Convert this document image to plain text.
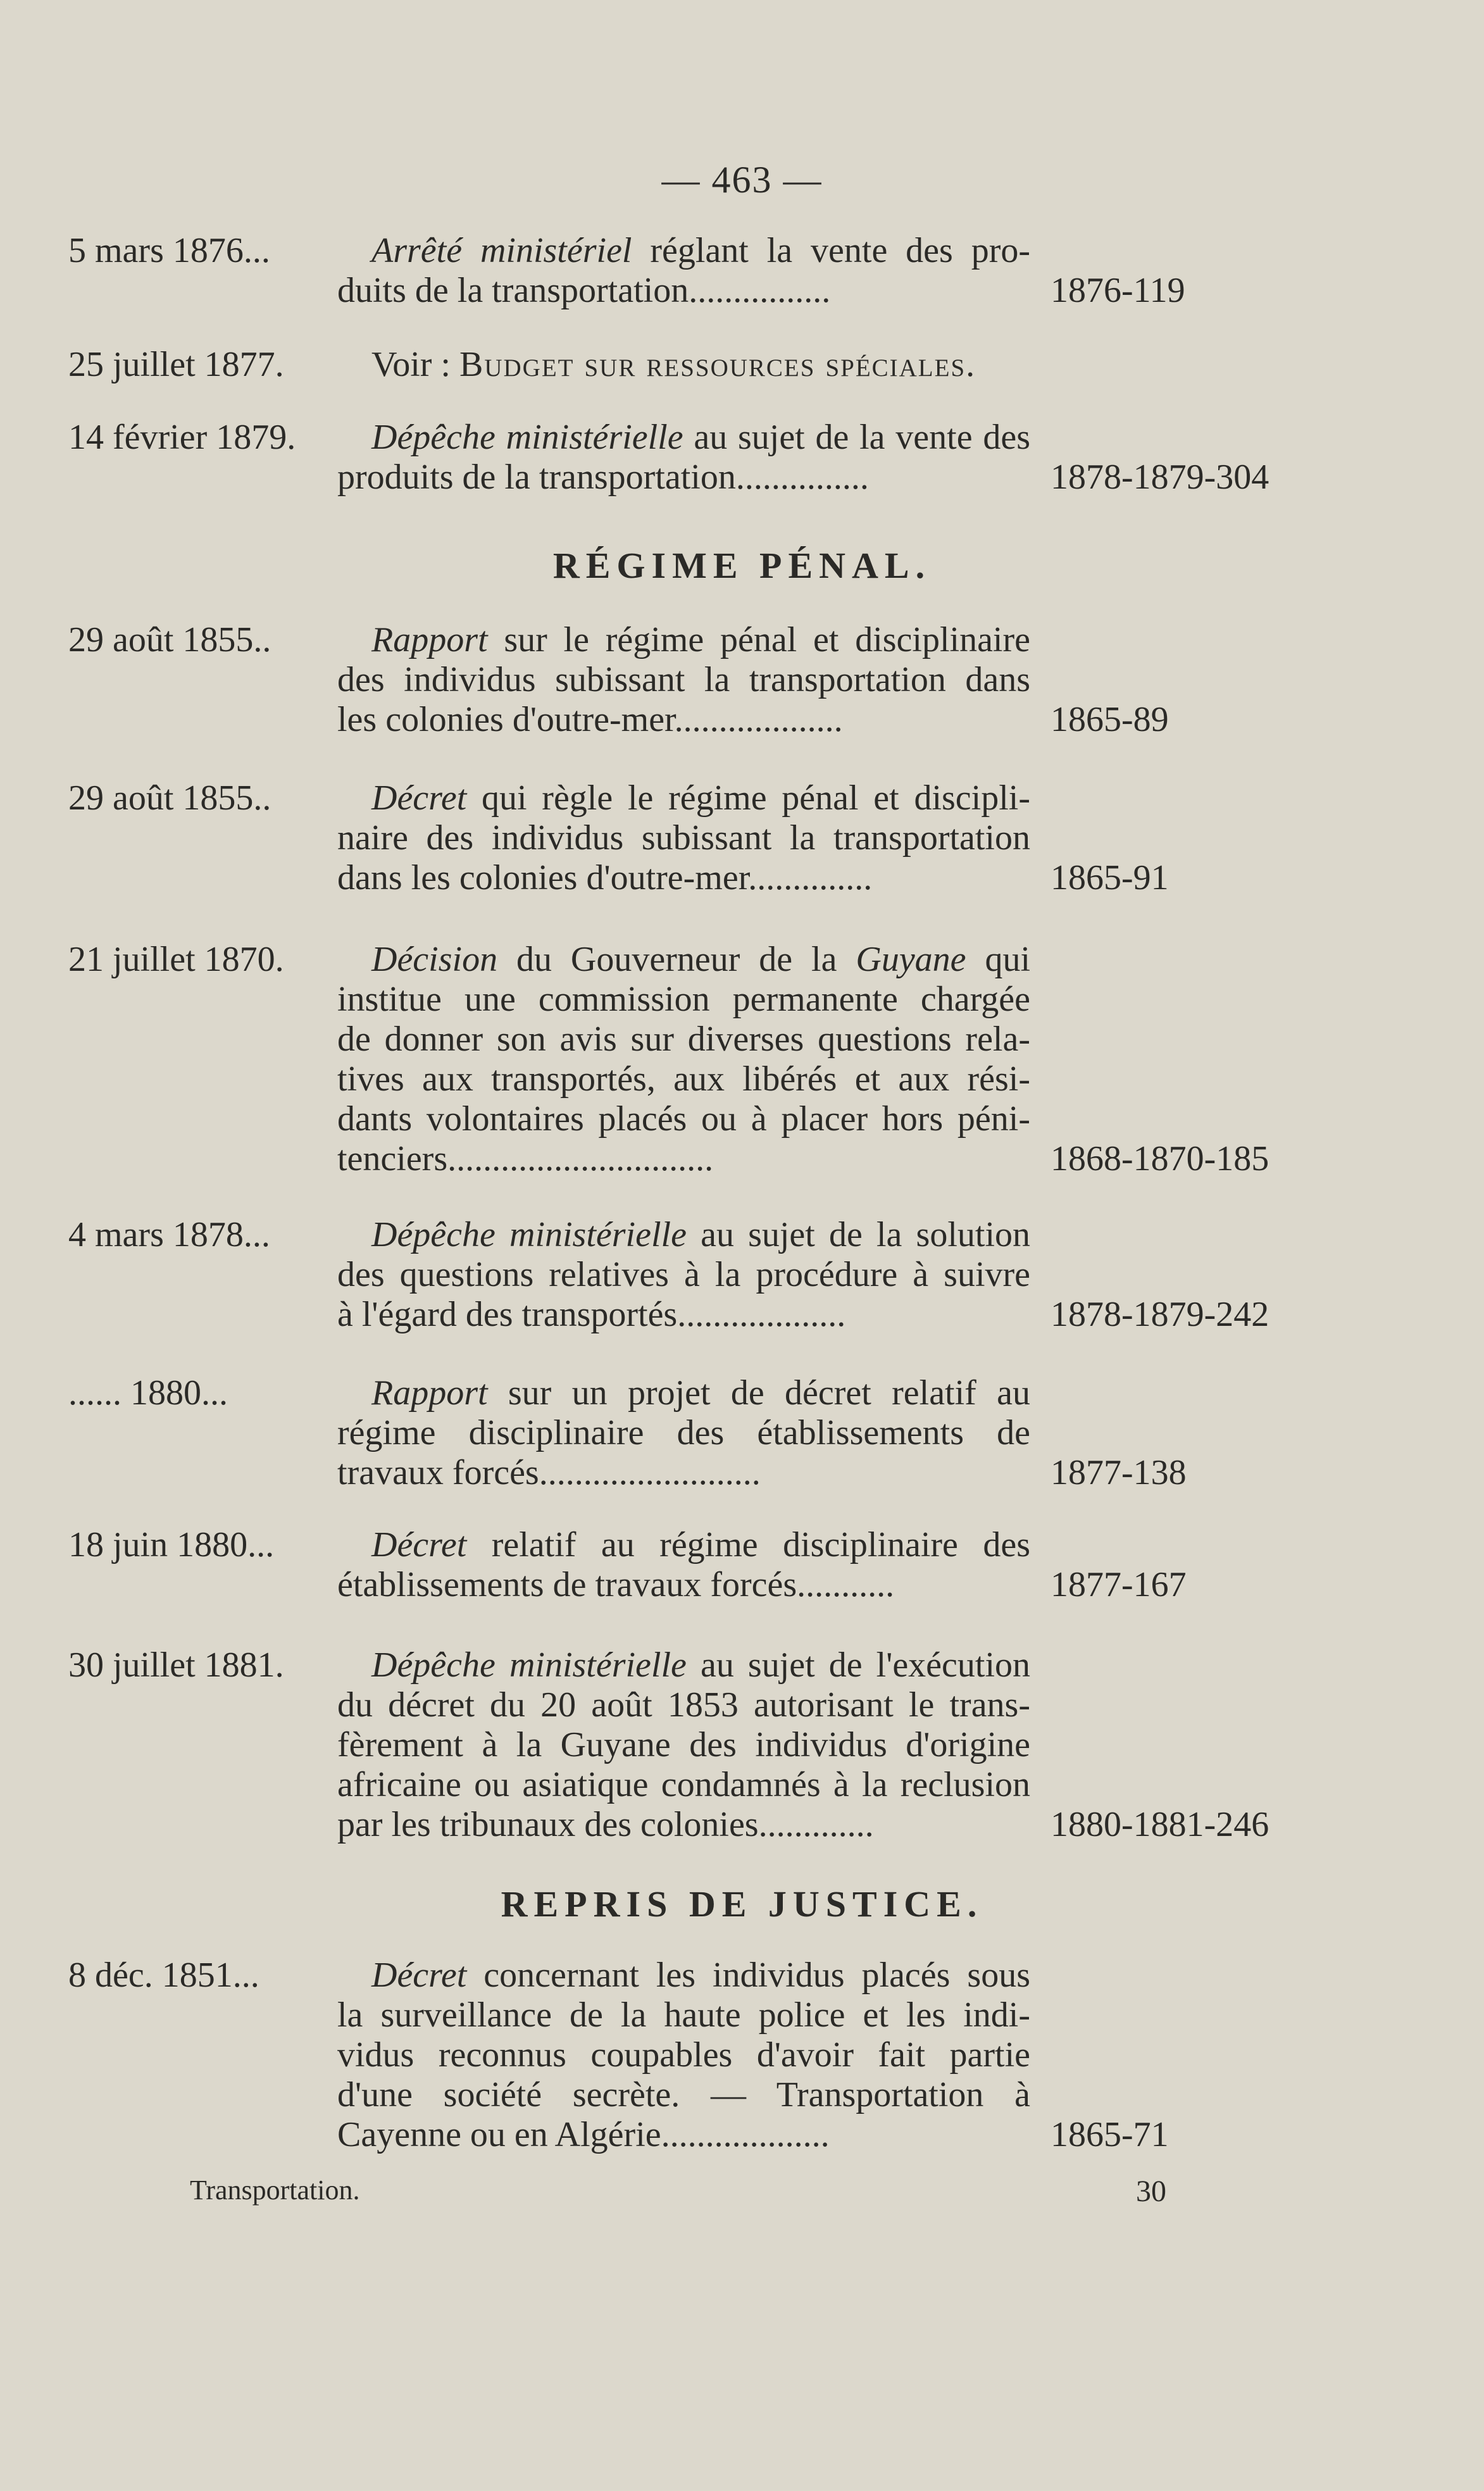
— 463 —
5 mars 1876...	Arrêté ministériel réglant la vente des pro-
duits de la transportation................	1876-119
25 juillet 1877.	Voir : Budget sur ressources spéciales.
14 février 1879.	Dépêche ministérielle au sujet de la vente des
produits de la transportation...............	1878-1879-304
RÉGIME PÉNAL.
29 août 1855..	Rapport sur le régime pénal et disciplinaire
des individus subissant la transportation dans
les colonies d'outre-mer...................	1865-89
29 août 1855..	Décret qui règle le régime pénal et discipli-
naire des individus subissant la transportation
dans les colonies d'outre-mer..............	1865-91
21 juillet 1870.	Décision du Gouverneur de la Guyane qui
institue une commission permanente chargée
de donner son avis sur diverses questions rela-
tives aux transportés, aux libérés et aux rési-
dants volontaires placés ou à placer hors péni-
tenciers..............................	1868-1870-185
4 mars 1878...	Dépêche ministérielle au sujet de la solution
des questions relatives à la procédure à suivre
à l'égard des transportés...................	1878-1879-242
...... 1880...	Rapport sur un projet de décret relatif au
régime disciplinaire des établissements de
travaux forcés.........................	1877-138
18 juin 1880...	Décret relatif au régime disciplinaire des
établissements de travaux forcés...........	1877-167
30 juillet 1881.	Dépêche ministérielle au sujet de l'exécution
du décret du 20 août 1853 autorisant le trans-
fèrement à la Guyane des individus d'origine
africaine ou asiatique condamnés à la reclusion
par les tribunaux des colonies.............	1880-1881-246
REPRIS DE JUSTICE.
8 déc. 1851...	Décret concernant les individus placés sous
la surveillance de la haute police et les indi-
vidus reconnus coupables d'avoir fait partie
d'une société secrète. — Transportation à
Cayenne ou en Algérie...................	1865-71
Transportation.	30
